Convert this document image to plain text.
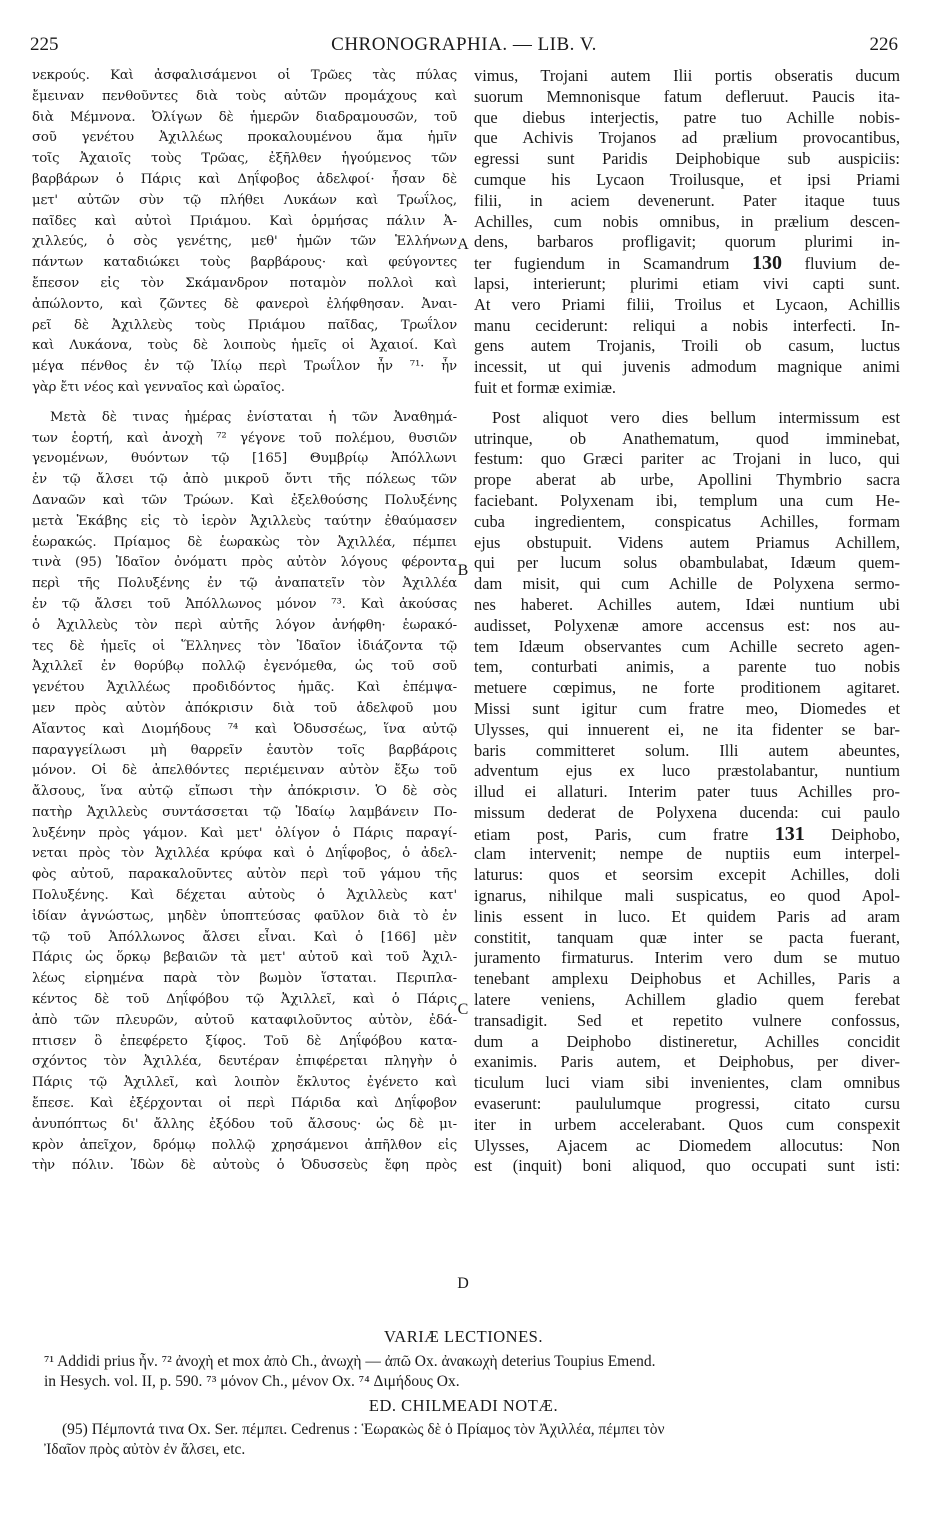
225	CHRONOGRAPHIA. — LIB. V.	226
νεκρούς. Καὶ ἀσφαλισάμενοι οἱ Τρῶες τὰς πύλας
ἔμειναν πενθοῦντες διὰ τοὺς αὐτῶν προμάχους καὶ
διὰ Μέμνονα. Ὀλίγων δὲ ἡμερῶν διαδραμουσῶν, τοῦ
σοῦ γενέτου Ἀχιλλέως προκαλουμένου ἅμα ἡμῖν
τοῖς Ἀχαιοῖς τοὺς Τρῶας, ἐξῆλθεν ἡγούμενος τῶν
βαρβάρων ὁ Πάρις καὶ Δηΐφοβος ἀδελφοί· ἦσαν δὲ
μετ' αὐτῶν σὺν τῷ πλήθει Λυκάων καὶ Τρωΐλος,
παῖδες καὶ αὐτοὶ Πριάμου. Καὶ ὁρμήσας πάλιν Ἀ-
χιλλεύς, ὁ σὸς γενέτης, μεθ' ἡμῶν τῶν Ἑλλήνων
πάντων καταδιώκει τοὺς βαρβάρους· καὶ φεύγοντες
ἔπεσον εἰς τὸν Σκάμανδρον ποταμὸν πολλοὶ καὶ
ἀπώλοντο, καὶ ζῶντες δὲ φανεροὶ ἐλήφθησαν. Ἀναι-
ρεῖ δὲ Ἀχιλλεὺς τοὺς Πριάμου παῖδας, Τρωΐλον
καὶ Λυκάονα, τοὺς δὲ λοιποὺς ἡμεῖς οἱ Ἀχαιοί. Καὶ
μέγα πένθος ἐν τῷ Ἰλίῳ περὶ Τρωΐλον ἦν ⁷¹· ἦν
γὰρ ἔτι νέος καὶ γενναῖος καὶ ὡραῖος.
Μετὰ δὲ τινας ἡμέρας ἐνίσταται ἡ τῶν Ἀναθημά-
των ἑορτή, καὶ ἀνοχὴ ⁷² γέγονε τοῦ πολέμου, θυσιῶν
γενομένων, θυόντων τῷ [165] Θυμβρίῳ Ἀπόλλωνι
ἐν τῷ ἄλσει τῷ ἀπὸ μικροῦ ὄντι τῆς πόλεως τῶν
Δαναῶν καὶ τῶν Τρώων. Καὶ ἐξελθούσης Πολυξένης
μετὰ Ἑκάβης εἰς τὸ ἱερὸν Ἀχιλλεὺς ταύτην ἐθαύμασεν
ἑωρακώς. Πρίαμος δὲ ἑωρακὼς τὸν Ἀχιλλέα, πέμπει
τινὰ (95) Ἰδαῖον ὀνόματι πρὸς αὐτὸν λόγους φέροντα
περὶ τῆς Πολυξένης ἐν τῷ ἀναπατεῖν τὸν Ἀχιλλέα
ἐν τῷ ἄλσει τοῦ Ἀπόλλωνος μόνον ⁷³. Καὶ ἀκούσας
ὁ Ἀχιλλεὺς τὸν περὶ αὐτῆς λόγον ἀνήφθη· ἑωρακό-
τες δὲ ἡμεῖς οἱ Ἕλληνες τὸν Ἰδαῖον ἰδιάζοντα τῷ
Ἀχιλλεῖ ἐν θορύβῳ πολλῷ ἐγενόμεθα, ὡς τοῦ σοῦ
γενέτου Ἀχιλλέως προδιδόντος ἡμᾶς. Καὶ ἐπέμψα-
μεν πρὸς αὐτὸν ἀπόκρισιν διὰ τοῦ ἀδελφοῦ μου
Αἴαντος καὶ Διομήδους ⁷⁴ καὶ Ὀδυσσέως, ἵνα αὐτῷ
παραγγείλωσι μὴ θαρρεῖν ἑαυτὸν τοῖς βαρβάροις
μόνον. Οἱ δὲ ἀπελθόντες περιέμειναν αὐτὸν ἔξω τοῦ
ἄλσους, ἵνα αὐτῷ εἴπωσι τὴν ἀπόκρισιν. Ὁ δὲ σὸς
πατὴρ Ἀχιλλεὺς συντάσσεται τῷ Ἰδαίῳ λαμβάνειν Πο-
λυξένην πρὸς γάμον. Καὶ μετ' ὀλίγον ὁ Πάρις παραγί-
νεται πρὸς τὸν Ἀχιλλέα κρύφα καὶ ὁ Δηΐφοβος, ὁ ἀδελ-
φὸς αὐτοῦ, παρακαλοῦντες αὐτὸν περὶ τοῦ γάμου τῆς
Πολυξένης. Καὶ δέχεται αὐτοὺς ὁ Ἀχιλλεὺς κατ'
ἰδίαν ἀγνώστως, μηδὲν ὑποπτεύσας φαῦλον διὰ τὸ ἐν
τῷ τοῦ Ἀπόλλωνος ἄλσει εἶναι. Καὶ ὁ [166] μὲν
Πάρις ὡς ὅρκῳ βεβαιῶν τὰ μετ' αὐτοῦ καὶ τοῦ Ἀχιλ-
λέως εἰρημένα παρὰ τὸν βωμὸν ἵσταται. Περιπλα-
κέντος δὲ τοῦ Δηΐφόβου τῷ Ἀχιλλεῖ, καὶ ὁ Πάρις
ἀπὸ τῶν πλευρῶν, αὐτοῦ καταφιλοῦντος αὐτὸν, ἐδά-
πτισεν ὃ ἐπεφέρετο ξίφος. Τοῦ δὲ Δηΐφόβου κατα-
σχόντος τὸν Ἀχιλλέα, δευτέραν ἐπιφέρεται πληγὴν ὁ
Πάρις τῷ Ἀχιλλεῖ, καὶ λοιπὸν ἔκλυτος ἐγένετο καὶ
ἔπεσε. Καὶ ἐξέρχονται οἱ περὶ Πάριδα καὶ Δηΐφοβον
ἀνυπόπτως δι' ἄλλης ἐξόδου τοῦ ἄλσους· ὡς δὲ μι-
κρὸν ἀπεῖχον, δρόμῳ πολλῷ χρησάμενοι ἀπῆλθον εἰς
τὴν πόλιν. Ἰδὼν δὲ αὐτοὺς ὁ Ὀδυσσεὺς ἔφη πρὸς
vimus, Trojani autem Ilii portis obseratis ducum
suorum Memnonisque fatum defleruut. Paucis ita-
que diebus interjectis, patre tuo Achille nobis-
que Achivis Trojanos ad prælium provocantibus,
egressi sunt Paridis Deiphobique sub auspiciis:
cumque his Lycaon Troilusque, et ipsi Priami
filii, in aciem devenerunt. Pater itaque tuus
Achilles, cum nobis omnibus, in prælium descen-
dens, barbaros profligavit; quorum plurimi in-
ter fugiendum in Scamandrum 130 fluvium de-
lapsi, interierunt; plurimi etiam vivi capti sunt.
At vero Priami filii, Troilus et Lycaon, Achillis
manu ceciderunt: reliqui a nobis interfecti. In-
gens autem Trojanis, Troili ob casum, luctus
incessit, ut qui juvenis admodum magnique animi
fuit et formæ eximiæ.
Post aliquot vero dies bellum intermissum est
utrinque, ob Anathematum, quod imminebat,
festum: quo Græci pariter ac Trojani in luco, qui
prope aberat ab urbe, Apollini Thymbrio sacra
faciebant. Polyxenam ibi, templum una cum He-
cuba ingredientem, conspicatus Achilles, formam
ejus obstupuit. Videns autem Priamus Achillem,
qui per lucum solus obambulabat, Idæum quem-
dam misit, qui cum Achille de Polyxena sermo-
nes haberet. Achilles autem, Idæi nuntium ubi
audisset, Polyxenæ amore accensus est: nos au-
tem Idæum observantes cum Achille secreto agen-
tem, conturbati animis, a parente tuo nobis
metuere cœpimus, ne forte proditionem agitaret.
Missi sunt igitur cum fratre meo, Diomedes et
Ulysses, qui innuerent ei, ne ita fidenter se bar-
baris committeret solum. Illi autem abeuntes,
adventum ejus ex luco præstolabantur, nuntium
illud ei allaturi. Interim pater tuus Achilles pro-
missum dederat de Polyxena ducenda: cui paulo
etiam post, Paris, cum fratre 131 Deiphobo,
clam intervenit; nempe de nuptiis eum interpel-
laturus: quos et seorsim excepit Achilles, doli
ignarus, nihilque mali suspicatus, eo quod Apol-
linis essent in luco. Et quidem Paris ad aram
constitit, tanquam quæ inter se pacta fuerant,
juramento firmaturus. Interim vero dum se mutuo
tenebant amplexu Deiphobus et Achilles, Paris a
latere veniens, Achillem gladio quem ferebat
transadigit. Sed et repetito vulnere confossus,
dum a Deiphobo distineretur, Achilles concidit
exanimis. Paris autem, et Deiphobus, per diver-
ticulum luci viam sibi invenientes, clam omnibus
evaserunt: paululumque progressi, citato cursu
iter in urbem accelerabant. Quos cum conspexit
Ulysses, Ajacem ac Diomedem allocutus: Non
est (inquit) boni aliquod, quo occupati sunt isti:
A
B
C
D
VARIÆ LECTIONES.
⁷¹ Addidi prius ἦν. ⁷² ἀνοχὴ et mox ἀπὸ Ch., ἀνωχὴ — ἀπῶ Ox. ἀνακωχὴ deterius Toupius Emend.
in Hesych. vol. II, p. 590. ⁷³ μόνον Ch., μένον Ox. ⁷⁴ Διμήδους Ox.
ED. CHILMEADI NOTÆ.
(95) Πέμποντά τινα Ox. Ser. πέμπει. Cedrenus : Ἑωρακὼς δὲ ὁ Πρίαμος τὸν Ἀχιλλέα, πέμπει τὸν
Ἰδαῖον πρὸς αὐτὸν ἐν ἄλσει, etc.
